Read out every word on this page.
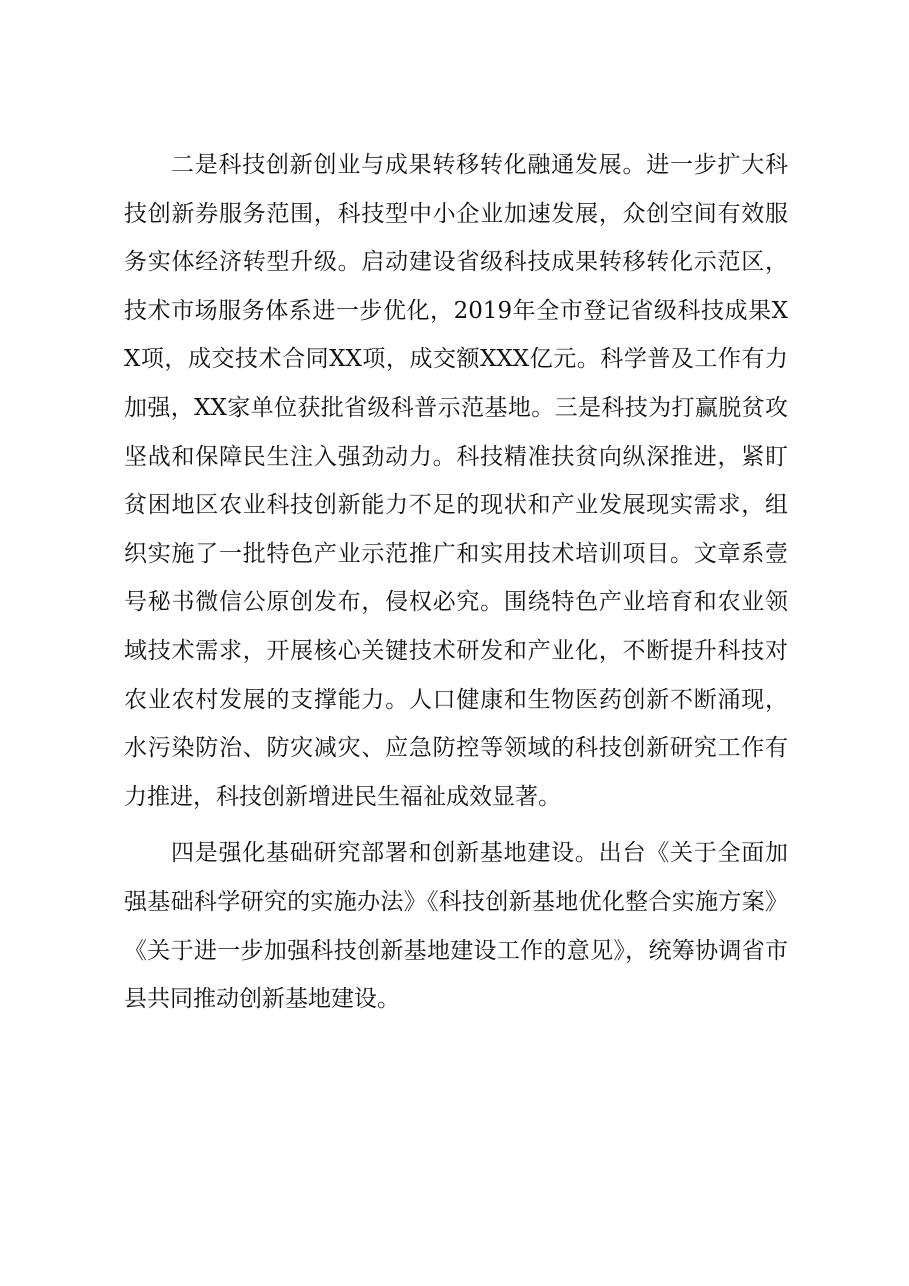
二是科技创新创业与成果转移转化融通发展。进一步扩大科技创新券服务范围，科技型中小企业加速发展，众创空间有效服务实体经济转型升级。启动建设省级科技成果转移转化示范区，技术市场服务体系进一步优化，2019年全市登记省级科技成果XX项，成交技术合同XX项，成交额XXX亿元。科学普及工作有力加强，XX家单位获批省级科普示范基地。三是科技为打赢脱贫攻坚战和保障民生注入强劲动力。科技精准扶贫向纵深推进，紧盯贫困地区农业科技创新能力不足的现状和产业发展现实需求，组织实施了一批特色产业示范推广和实用技术培训项目。文章系壹号秘书微信公原创发布，侵权必究。围绕特色产业培育和农业领域技术需求，开展核心关键技术研发和产业化，不断提升科技对农业农村发展的支撑能力。人口健康和生物医药创新不断涌现，水污染防治、防灾减灾、应急防控等领域的科技创新研究工作有力推进，科技创新增进民生福祉成效显著。

四是强化基础研究部署和创新基地建设。出台《关于全面加强基础科学研究的实施办法》《科技创新基地优化整合实施方案》《关于进一步加强科技创新基地建设工作的意见》，统筹协调省市县共同推动创新基地建设。
